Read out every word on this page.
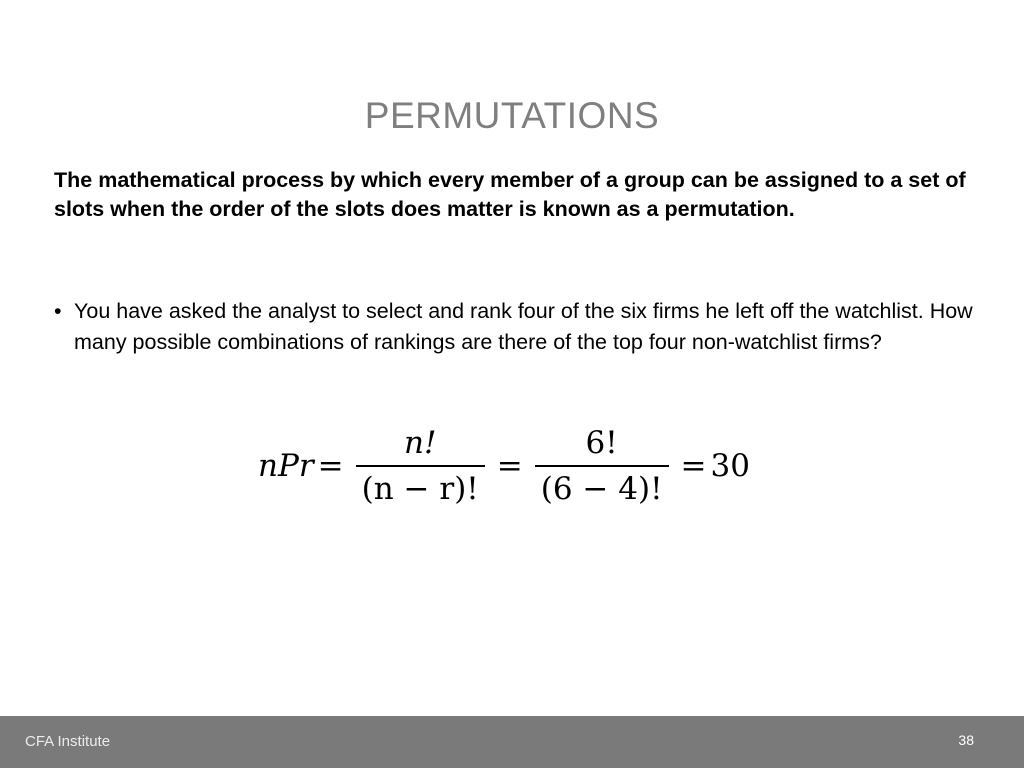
PERMUTATIONS
The mathematical process by which every member of a group can be assigned to a set of slots when the order of the slots does matter is known as a permutation.
• You have asked the analyst to select and rank four of the six firms he left off the watchlist. How many possible combinations of rankings are there of the top four non-watchlist firms?
nPr = $\frac{n!}{(n - r)!} = \frac{6!}{(6 - 4)!} = 30$
CFA Institute	38
